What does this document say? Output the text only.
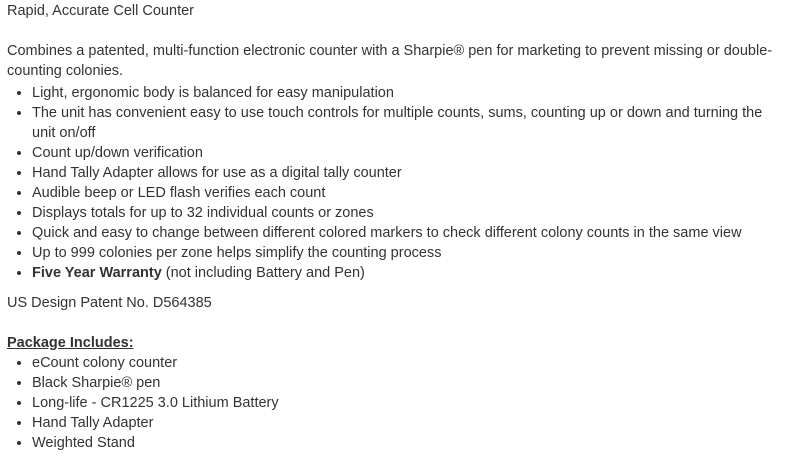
Rapid, Accurate Cell Counter

Combines a patented, multi-function electronic counter with a Sharpie® pen for marketing to prevent missing or double-counting colonies.

• Light, ergonomic body is balanced for easy manipulation
• The unit has convenient easy to use touch controls for multiple counts, sums, counting up or down and turning the unit on/off
• Count up/down verification
• Hand Tally Adapter allows for use as a digital tally counter
• Audible beep or LED flash verifies each count
• Displays totals for up to 32 individual counts or zones
• Quick and easy to change between different colored markers to check different colony counts in the same view
• Up to 999 colonies per zone helps simplify the counting process
• Five Year Warranty (not including Battery and Pen)

US Design Patent No. D564385

Package Includes:

• eCount colony counter
• Black Sharpie® pen
• Long-life - CR1225 3.0 Lithium Battery
• Hand Tally Adapter
• Weighted Stand
